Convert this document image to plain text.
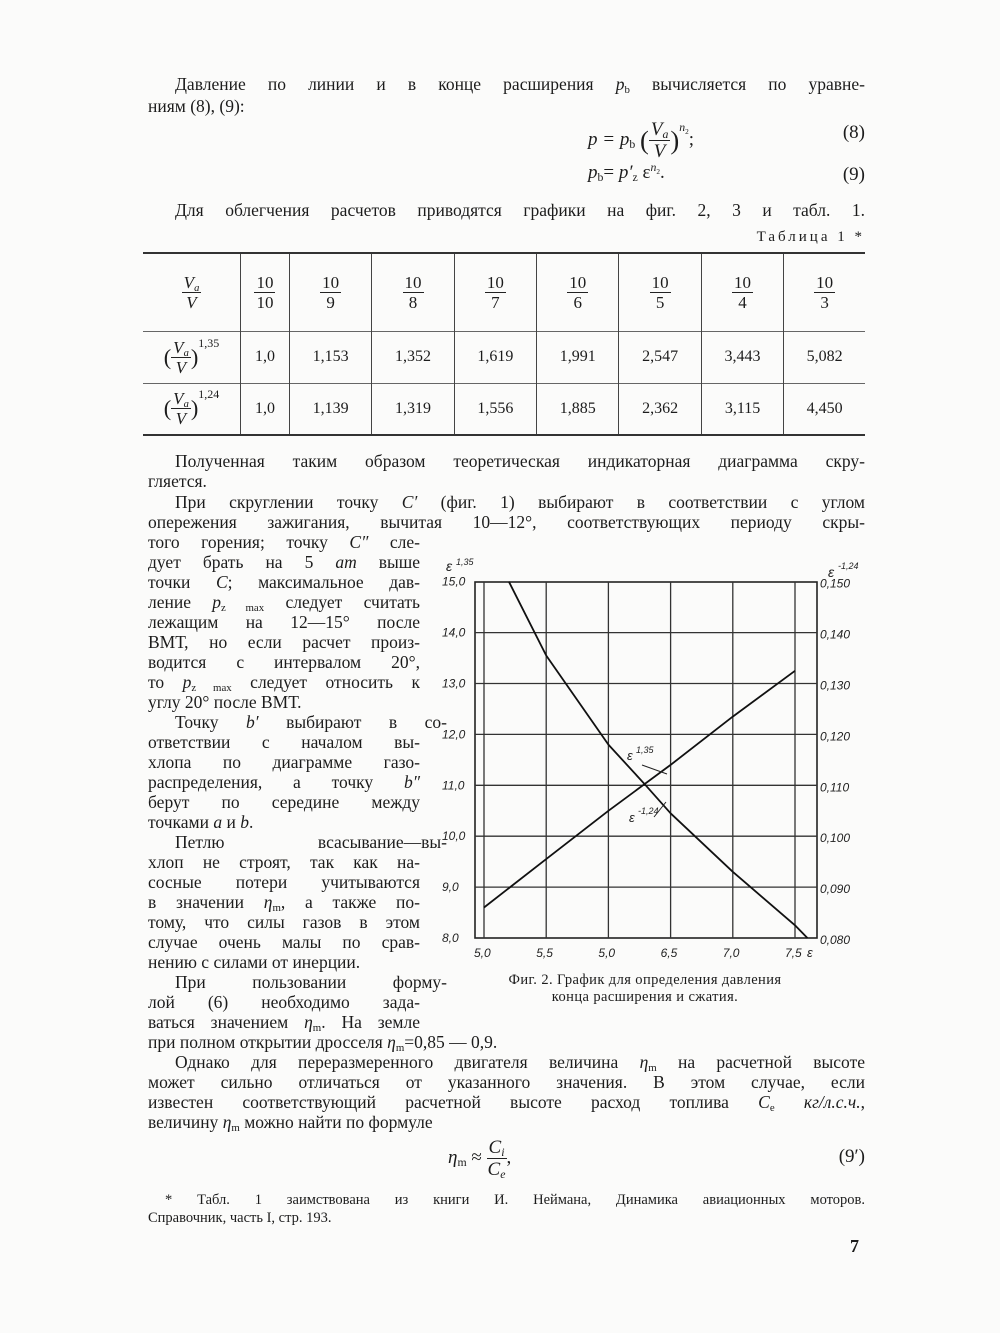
Давление по линии и в конце расширения $p_b$ вычисляется по уравне-
ниям (8), (9):
$p = p_b$ ( $\frac{V_a}{V} )^{n_2}$;	(8)
$p_b= p'_z$ $\varepsilon^{n_2}$.	(9)
Для облегчения расчетов приводятся графики на фиг. 2, 3 и табл. 1.
Таблица 1 *
$\frac{V_a}{V}$	$\frac{10}{10}$	$\frac{10}{9}$	$\frac{10}{8}$	$\frac{10}{7}$	$\frac{10}{6}$	$\frac{10}{5}$	$\frac{10}{4}$	$\frac{10}{3}$

( $\frac{V_a}{V} )^{1,35}$	1,0	1,153	1,352	1,619	1,991	2,547	3,443	5,082
( $\frac{V_a}{V} )^{1,24}$	1,0	1,139	1,319	1,556	1,885	2,362	3,115	4,450
Полученная таким образом теоретическая индикаторная диаграмма скру-
гляется.
При скруглении точку C′ (фиг. 1) выбирают в соответствии с углом
опережения зажигания, вычитая 10—12°, соответствующих периоду скры-
того горения; точку C″ сле-
дует брать на 5 am выше
точки C; максимальное дав-
ление $p_{z max}$ следует считать
лежащим на 12—15° после
ВМТ, но если расчет произ-
водится с интервалом 20°,
то $p_{z max}$ следует относить к
углу 20° после ВМТ.
Точку b′ выбирают в со-
ответствии с началом вы-
хлопа по диаграмме газо-
распределения, а точку b″
берут по середине между
точками a и b.
Петлю всасывание—вы-
хлоп не строят, так как на-
сосные потери учитываются
в значении $\eta_m$, а также по-
тому, что силы газов в этом
случае очень малы по срав-
нению с силами от инерции.
При пользовании форму-
лой (6) необходимо зада-
ваться значением $\eta_m$. На земле
при полном открытии дросселя $\eta_m=0,85$ — 0,9.
Однако для переразмеренного двигателя величина $\eta_m$ на расчетной высоте
может сильно отличаться от указанного значения. В этом случае, если
известен соответствующий расчетной высоте расход топлива $C_e$ кг/л.с.ч.,
величину $\eta_m$ можно найти по формуле
5,0	5,5	5,0	6,5	7,0	7,5 ε
8,0
9,0
10,0
11,0
12,0
13,0
14,0
15,0
0,080
0,090
0,100
0,110
0,120
0,130
0,140
0,150
ε 1,35
ε -1,24
ε 1,35
ε -1,24
Фиг. 2. График для определения давления
конца расширения и сжатия.
$\eta_m \approx \frac{C_i}{C_e}$ ,	(9′)
* Табл. 1 заимствована из книги И. Неймана, Динамика авиационных моторов.
Справочник, часть I, стр. 193.
7
